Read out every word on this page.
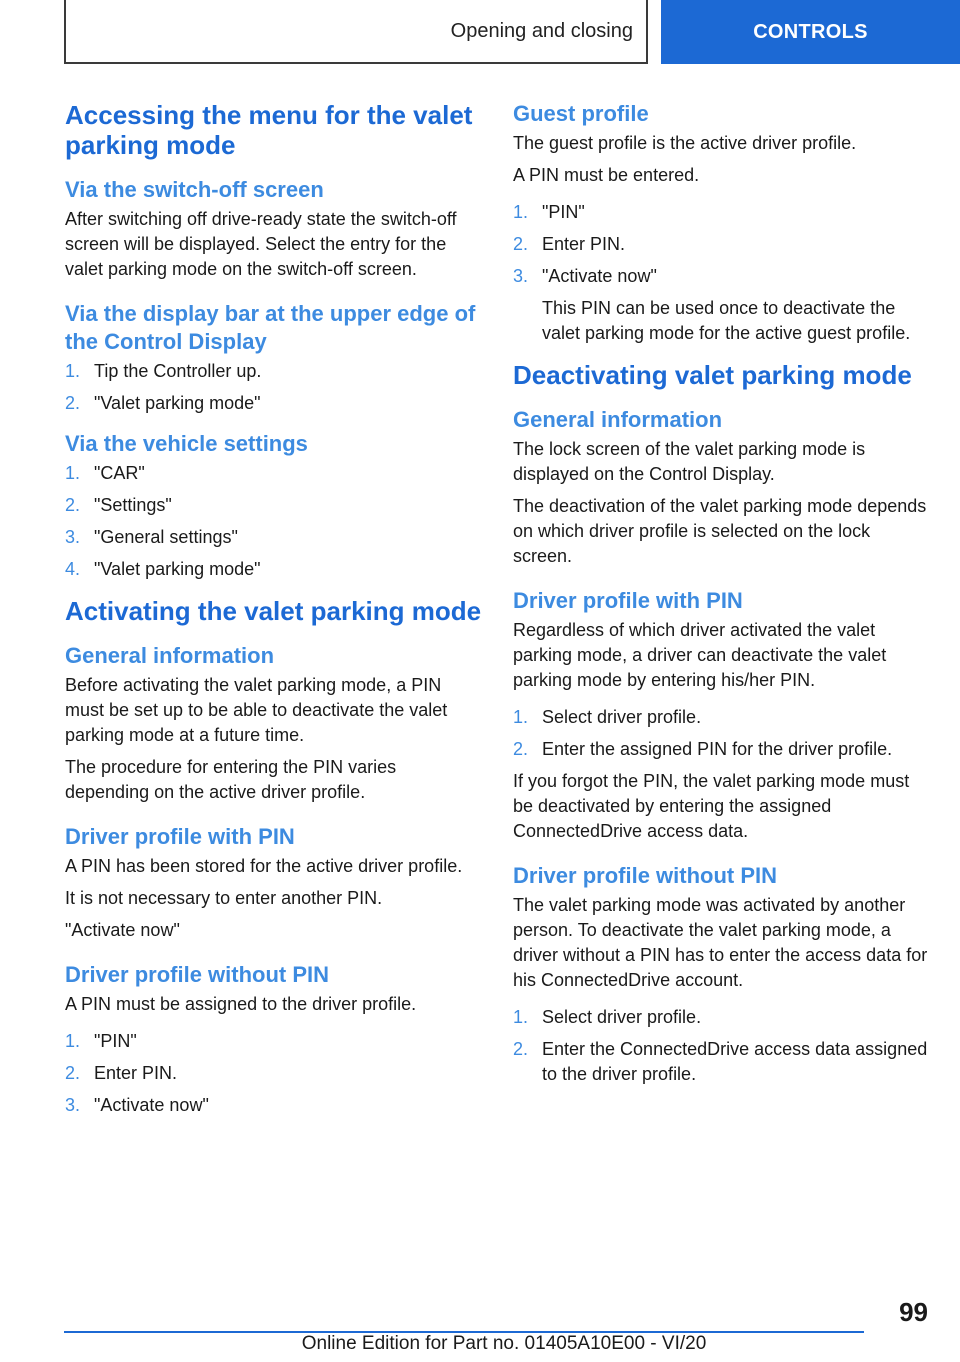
Opening and closing	CONTROLS
Accessing the menu for the valet parking mode
Via the switch-off screen

After switching off drive-ready state the switch-off screen will be displayed. Select the entry for the valet parking mode on the switch-off screen.

Via the display bar at the upper edge of the Control Display
1. Tip the Controller up.
2. "Valet parking mode"
Via the vehicle settings
1. "CAR"
2. "Settings"
3. "General settings"
4. "Valet parking mode"
Activating the valet parking mode
General information

Before activating the valet parking mode, a PIN must be set up to be able to deactivate the valet parking mode at a future time.

The procedure for entering the PIN varies depending on the active driver profile.

Driver profile with PIN

A PIN has been stored for the active driver profile.

It is not necessary to enter another PIN.

"Activate now"

Driver profile without PIN

A PIN must be assigned to the driver profile.

1. "PIN"
2. Enter PIN.
3. "Activate now"
Guest profile

The guest profile is the active driver profile.

A PIN must be entered.

1. "PIN"
2. Enter PIN.
3. "Activate now"
This PIN can be used once to deactivate the valet parking mode for the active guest profile.
Deactivating valet parking mode
General information

The lock screen of the valet parking mode is displayed on the Control Display.

The deactivation of the valet parking mode depends on which driver profile is selected on the lock screen.

Driver profile with PIN

Regardless of which driver activated the valet parking mode, a driver can deactivate the valet parking mode by entering his/her PIN.

1. Select driver profile.
2. Enter the assigned PIN for the driver profile.

If you forgot the PIN, the valet parking mode must be deactivated by entering the assigned ConnectedDrive access data.

Driver profile without PIN

The valet parking mode was activated by another person. To deactivate the valet parking mode, a driver without a PIN has to enter the access data for his ConnectedDrive account.

1. Select driver profile.
2. Enter the ConnectedDrive access data assigned to the driver profile.
99
Online Edition for Part no. 01405A10E00 - VI/20
